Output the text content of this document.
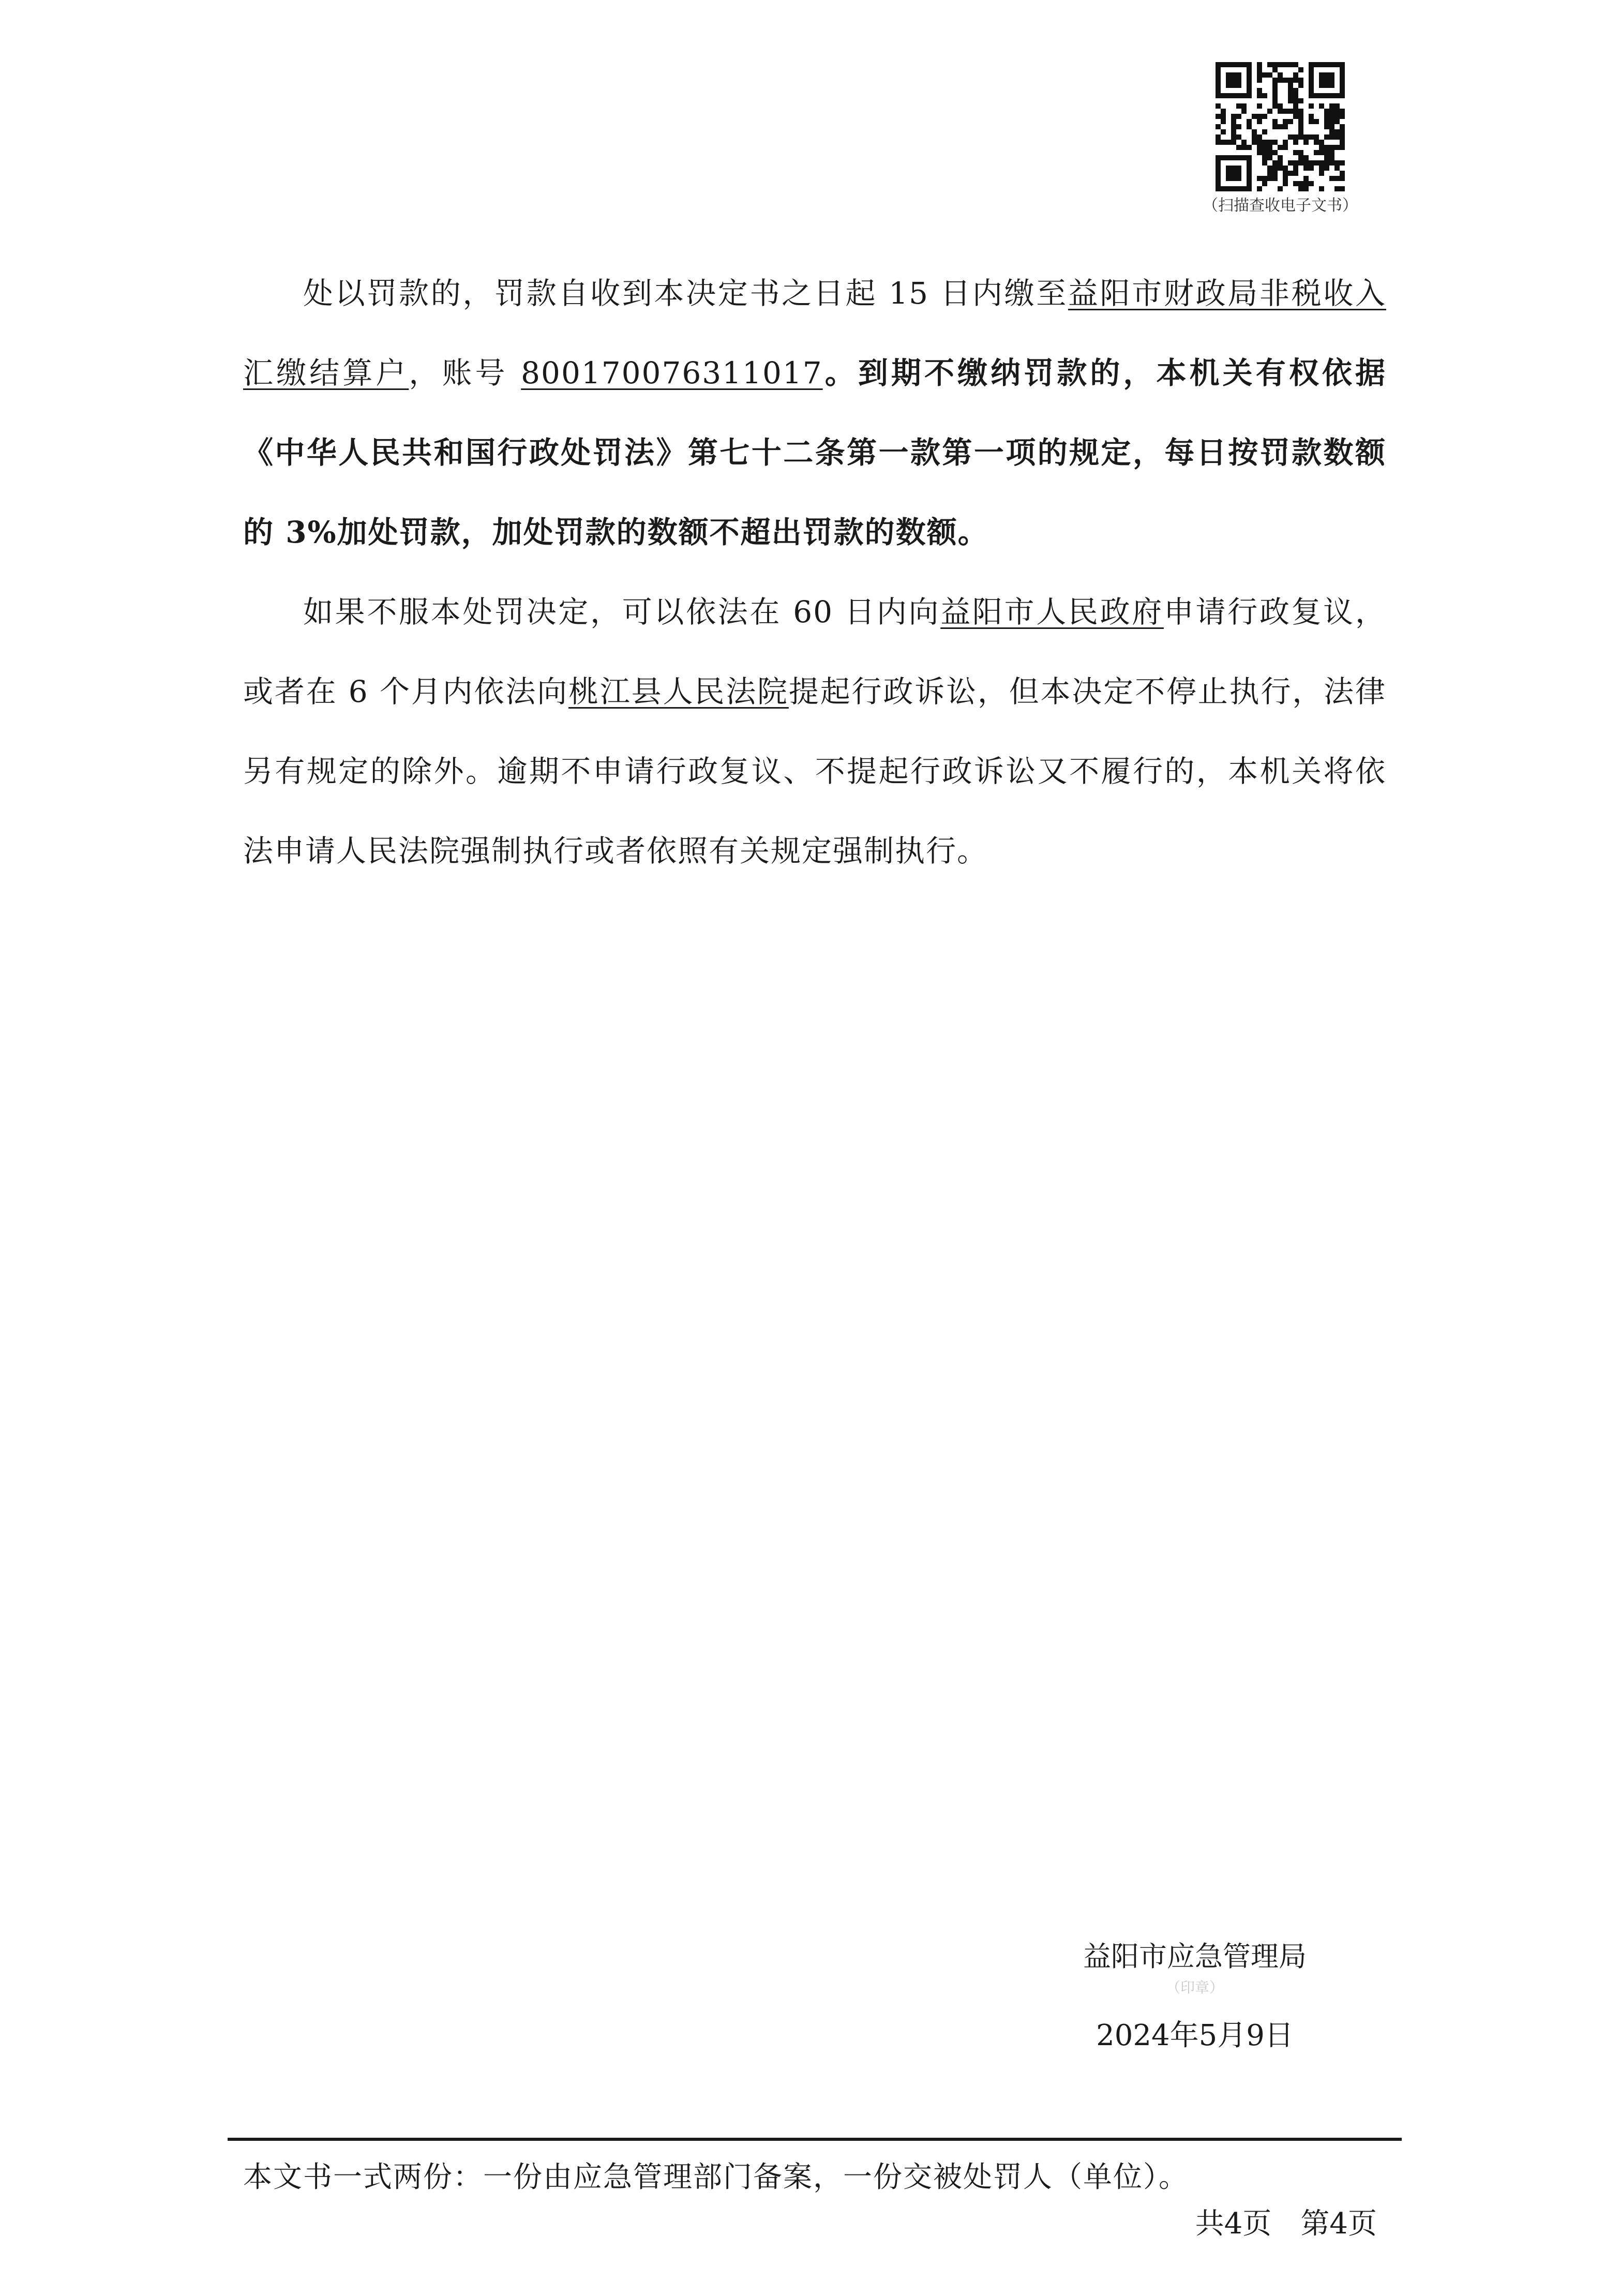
（扫描查收电子文书）

处以罚款的，罚款自收到本决定书之日起 15 日内缴至益阳市财政局非税收入汇缴结算户，账号 800170076311017。到期不缴纳罚款的，本机关有权依据《中华人民共和国行政处罚法》第七十二条第一款第一项的规定，每日按罚款数额的 3%加处罚款，加处罚款的数额不超出罚款的数额。

如果不服本处罚决定，可以依法在 60 日内向益阳市人民政府申请行政复议，或者在 6 个月内依法向桃江县人民法院提起行政诉讼，但本决定不停止执行，法律另有规定的除外。逾期不申请行政复议、不提起行政诉讼又不履行的，本机关将依法申请人民法院强制执行或者依照有关规定强制执行。

益阳市应急管理局
（印章）
2024年5月9日
本文书一式两份：一份由应急管理部门备案，一份交被处罚人（单位）。
共4页　第4页
